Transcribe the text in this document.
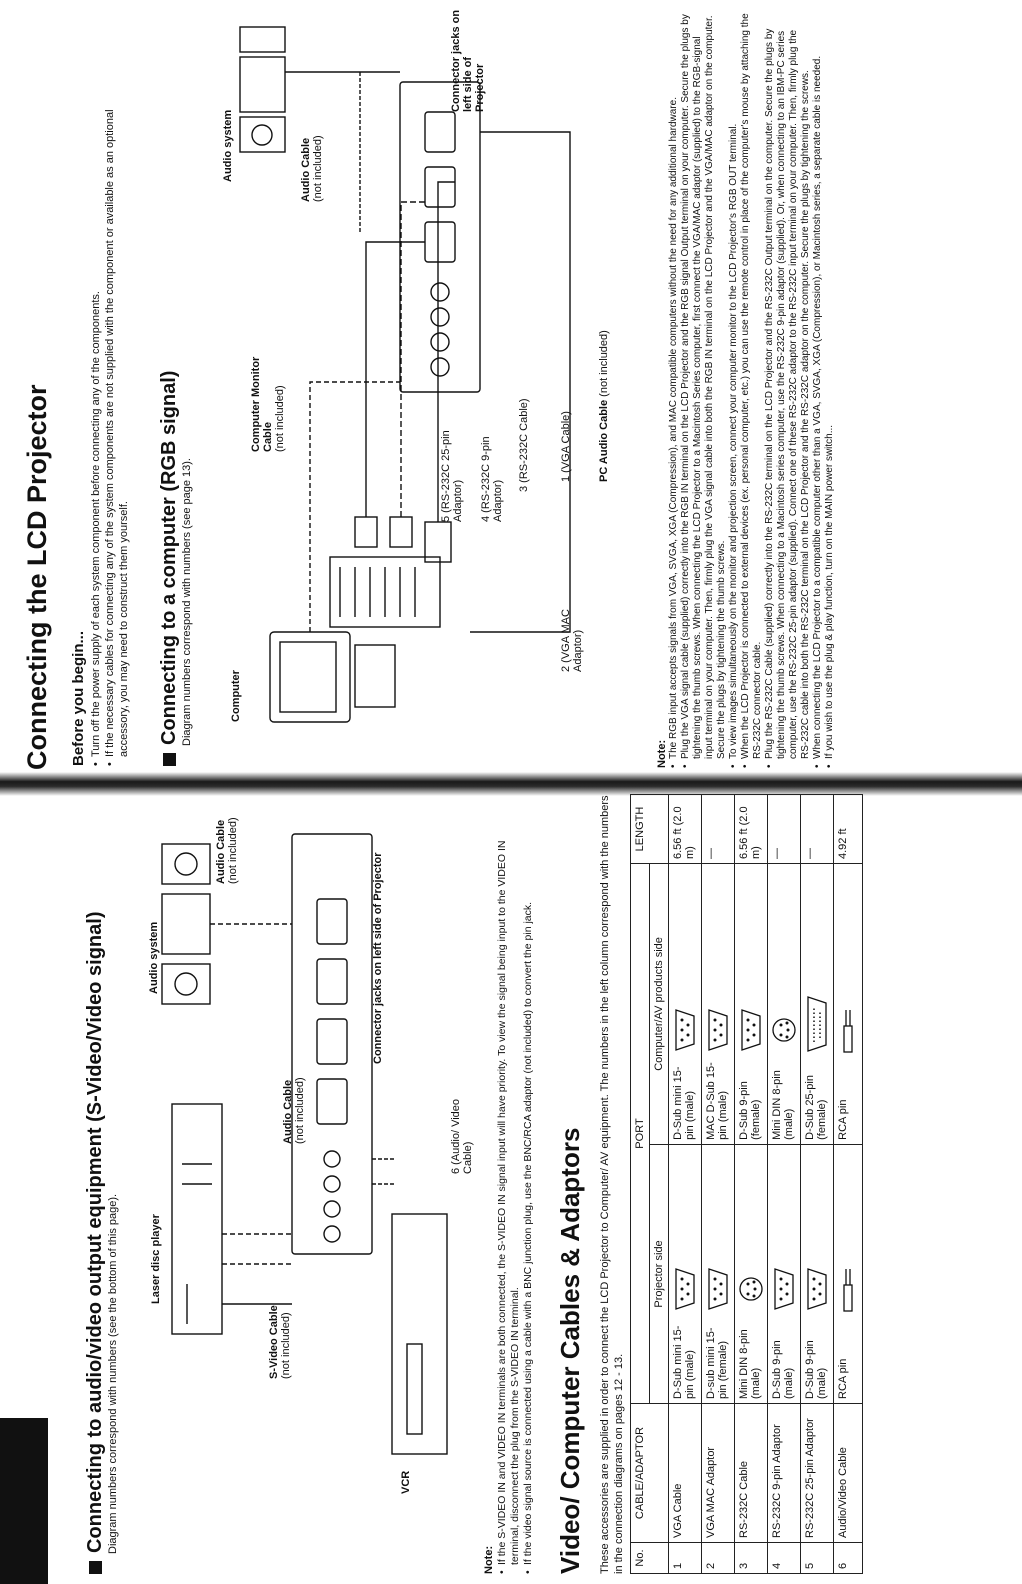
Connecting the LCD Projector Before you begin... • Turn off the power supply of each system component before connecting any of the components. • If the necessary cables for connecting any of the system components are not supplied with the component or available as an optional accessory, you may need to construct them yourself. Connecting to a computer (RGB signal) Diagram numbers correspond with numbers (see page 13).	Computer
Computer Monitor Cable (not included)
Audio system	Audio Cable (not included)
Connector jacks on left side of Projector
5 (RS-232C 25-pin Adaptor) 4 (RS-232C 9-pin Adaptor)
3 (RS-232C Cable)	1 (VGA Cable)
2 (VGA MAC Adaptor)
PC Audio Cable (not included)
Note: • The RGB input accepts signals from VGA, SVGA, XGA (Compression), and MAC compatible computers without the need for any additional hardware. • Plug the VGA signal cable (supplied) correctly into the RGB IN terminal on the LCD Projector and the RGB signal Output terminal on your computer. Secure the plugs by tightening the thumb screws. When connecting the LCD Projector to a Macintosh Series computer, first connect the VGA/MAC adaptor (supplied) to the RGB-signal input terminal on your computer. Then, firmly plug the VGA signal cable into both the RGB IN terminal on the LCD Projector and the VGA/MAC adaptor on the computer. Secure the plugs by tightening the thumb screws. • To view images simultaneously on the monitor and projection screen, connect your computer monitor to the LCD Projector's RGB OUT terminal. • When the LCD Projector is connected to external devices (ex. personal computer, etc.) you can use the remote control in place of the computer's mouse by attaching the RS-232C connector cable. • Plug the RS-232C Cable (supplied) correctly into the RS-232C terminal on the LCD Projector and the RS-232C Output terminal on the computer. Secure the plugs by tightening the thumb screws. When connecting to a Macintosh series computer, use the RS-232C 9-pin adaptor (supplied). Or, when connecting to an IBM-PC series computer, use the RS-232C 25-pin adaptor (supplied). Connect one of these RS-232C adaptor to the RS-232C input terminal on your computer. Then, firmly plug the RS-232C cable into both the RS-232C terminal on the LCD Projector and the RS-232C adaptor on the computer. Secure the plugs by tightening the screws. • When connecting the LCD Projector to a compatible computer other than a VGA, SVGA, XGA (Compression), or Macintosh series, a separate cable is needed. • If you wish to use the plug & play function, turn on the MAIN power switch...
Connecting to audio/video output equipment (S-Video/Video signal) Diagram numbers correspond with numbers (see the bottom of this page).	Laser disc player
Audio system
S-Video Cable (not included)
Audio Cable (not included)
Audio Cable (not included)
VCR
6 (Audio/ Video Cable)
Connector jacks on left side of Projector
Note: • If the S-VIDEO IN and VIDEO IN terminals are both connected, the S-VIDEO IN signal input will have priority. To view the signal being input to the VIDEO IN terminal, disconnect the plug from the S-VIDEO IN terminal. • If the video signal source is connected using a cable with a BNC junction plug, use the BNC/RCA adaptor (not included) to convert the pin jack. Video/ Computer Cables & Adaptors These accessories are supplied in order to connect the LCD Projector to Computer/ AV equipment. The numbers in the left column correspond with the numbers in the connection diagrams on pages 12 - 13. No.	CABLE/ADAPTOR	PORT		LENGTH
		Projector side	Computer/AV products side	
1	VGA Cable	D-Sub mini 15-pin (male)	D-Sub mini 15-pin (male)	6.56 ft (2.0 m)
2	VGA MAC Adaptor	D-sub mini 15-pin (female)	MAC D-Sub 15-pin (male)	—
3	RS-232C Cable	Mini DIN 8-pin (male)	D-Sub 9-pin (female)	6.56 ft (2.0 m)
4	RS-232C 9-pin Adaptor	D-Sub 9-pin (male)	Mini DIN 8-pin (male)	—
5	RS-232C 25-pin Adaptor	D-Sub 9-pin (male)	D-Sub 25-pin (female)	—
6	Audio/Video Cable	RCA pin	RCA pin	4.92 ft
